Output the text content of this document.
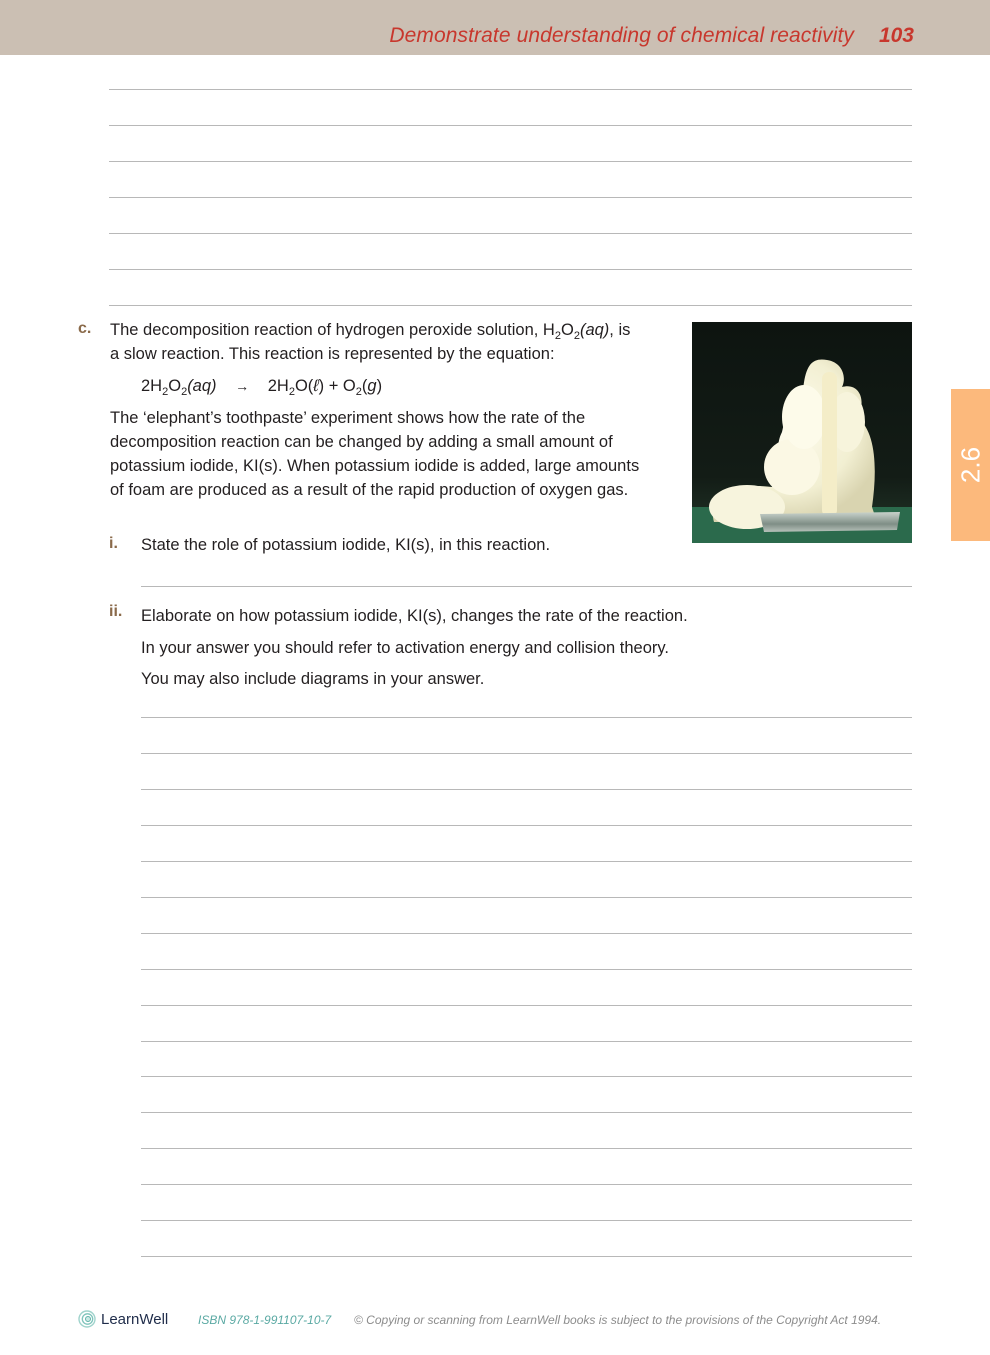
Demonstrate understanding of chemical reactivity 103
c. The decomposition reaction of hydrogen peroxide solution, $H_2O_2(aq)$, is
a slow reaction. This reaction is represented by the equation:
$2H_2O_2(aq)$ → $2H_2O(\ell) + O_2(g)$
The ‘elephant’s toothpaste’ experiment shows how the rate of the
decomposition reaction can be changed by adding a small amount of
potassium iodide, KI(s). When potassium iodide is added, large amounts
of foam are produced as a result of the rapid production of oxygen gas.
2.6
i. State the role of potassium iodide, KI(s), in this reaction.
ii. Elaborate on how potassium iodide, KI(s), changes the rate of the reaction.
In your answer you should refer to activation energy and collision theory.
You may also include diagrams in your answer.
LearnWell ISBN 978-1-991107-10-7 © Copying or scanning from LearnWell books is subject to the provisions of the Copyright Act 1994.
